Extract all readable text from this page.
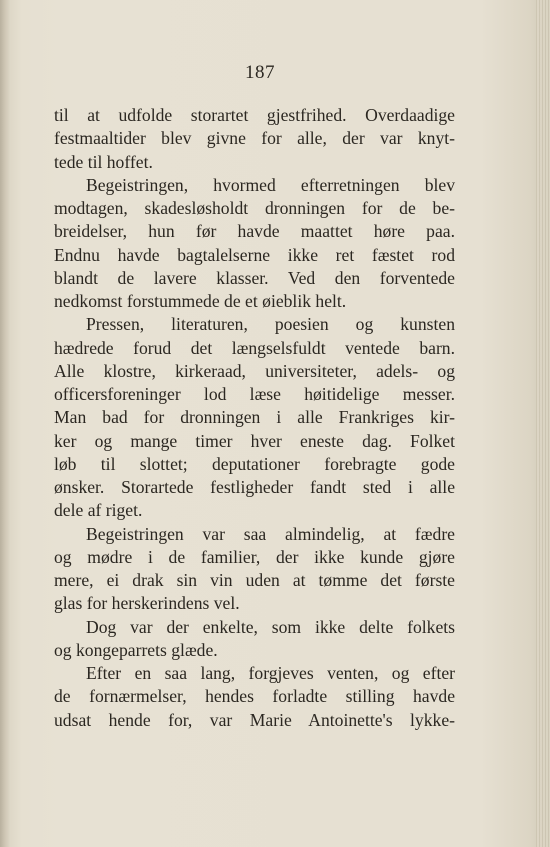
187
til at udfolde storartet gjestfrihed. Overdaadige
festmaaltider blev givne for alle, der var knyt-
tede til hoffet.
Begeistringen, hvormed efterretningen blev
modtagen, skadesløsholdt dronningen for de be-
breidelser, hun før havde maattet høre paa.
Endnu havde bagtalelserne ikke ret fæstet rod
blandt de lavere klasser. Ved den forventede
nedkomst forstummede de et øieblik helt.
Pressen, literaturen, poesien og kunsten
hædrede forud det længselsfuldt ventede barn.
Alle klostre, kirkeraad, universiteter, adels- og
officersforeninger lod læse høitidelige messer.
Man bad for dronningen i alle Frankriges kir-
ker og mange timer hver eneste dag. Folket
løb til slottet; deputationer forebragte gode
ønsker. Storartede festligheder fandt sted i alle
dele af riget.
Begeistringen var saa almindelig, at fædre
og mødre i de familier, der ikke kunde gjøre
mere, ei drak sin vin uden at tømme det første
glas for herskerindens vel.
Dog var der enkelte, som ikke delte folkets
og kongeparrets glæde.
Efter en saa lang, forgjeves venten, og efter
de fornærmelser, hendes forladte stilling havde
udsat hende for, var Marie Antoinette's lykke-
